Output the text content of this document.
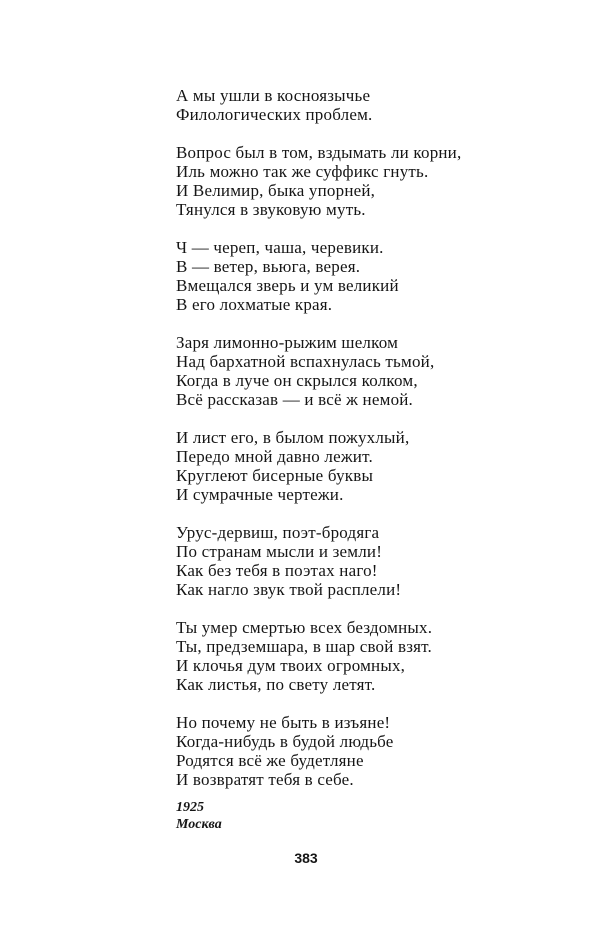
А мы ушли в косноязычье
Филологических проблем.
Вопрос был в том, вздымать ли корни,
Иль можно так же суффикс гнуть.
И Велимир, быка упорней,
Тянулся в звуковую муть.
Ч — череп, чаша, черевики.
В — ветер, вьюга, верея.
Вмещался зверь и ум великий
В его лохматые края.
Заря лимонно-рыжим шелком
Над бархатной вспахнулась тьмой,
Когда в луче он скрылся колком,
Всё рассказав — и всё ж немой.
И лист его, в былом пожухлый,
Передо мной давно лежит.
Круглеют бисерные буквы
И сумрачные чертежи.
Урус-дервиш, поэт-бродяга
По странам мысли и земли!
Как без тебя в поэтах наго!
Как нагло звук твой расплели!
Ты умер смертью всех бездомных.
Ты, предземшара, в шар свой взят.
И клочья дум твоих огромных,
Как листья, по свету летят.
Но почему не быть в изъяне!
Когда-нибудь в будой людьбе
Родятся всё же будетляне
И возвратят тебя в себе.
1925
Москва
383
